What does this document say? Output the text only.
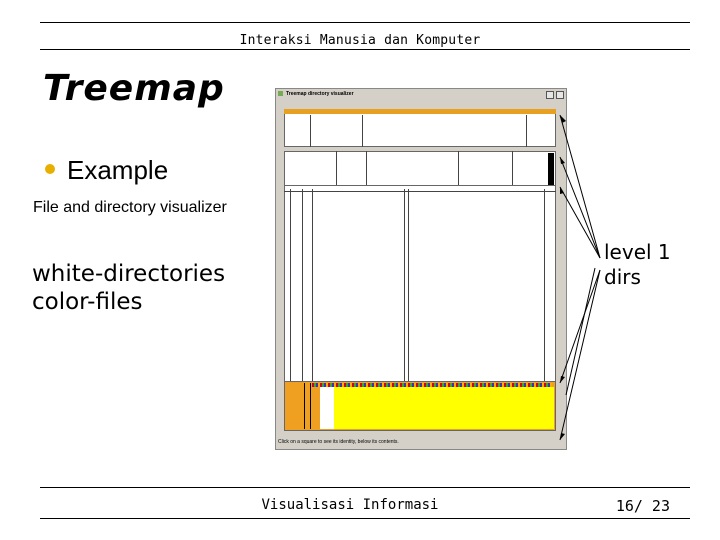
Interaksi Manusia dan Komputer
Treemap
Example
File and directory visualizer
white-directories
color-files
level 1
dirs
Treemap directory visualizer
Click on a square to see its identity, below its contents.
Visualisasi Informasi	16/ 23
